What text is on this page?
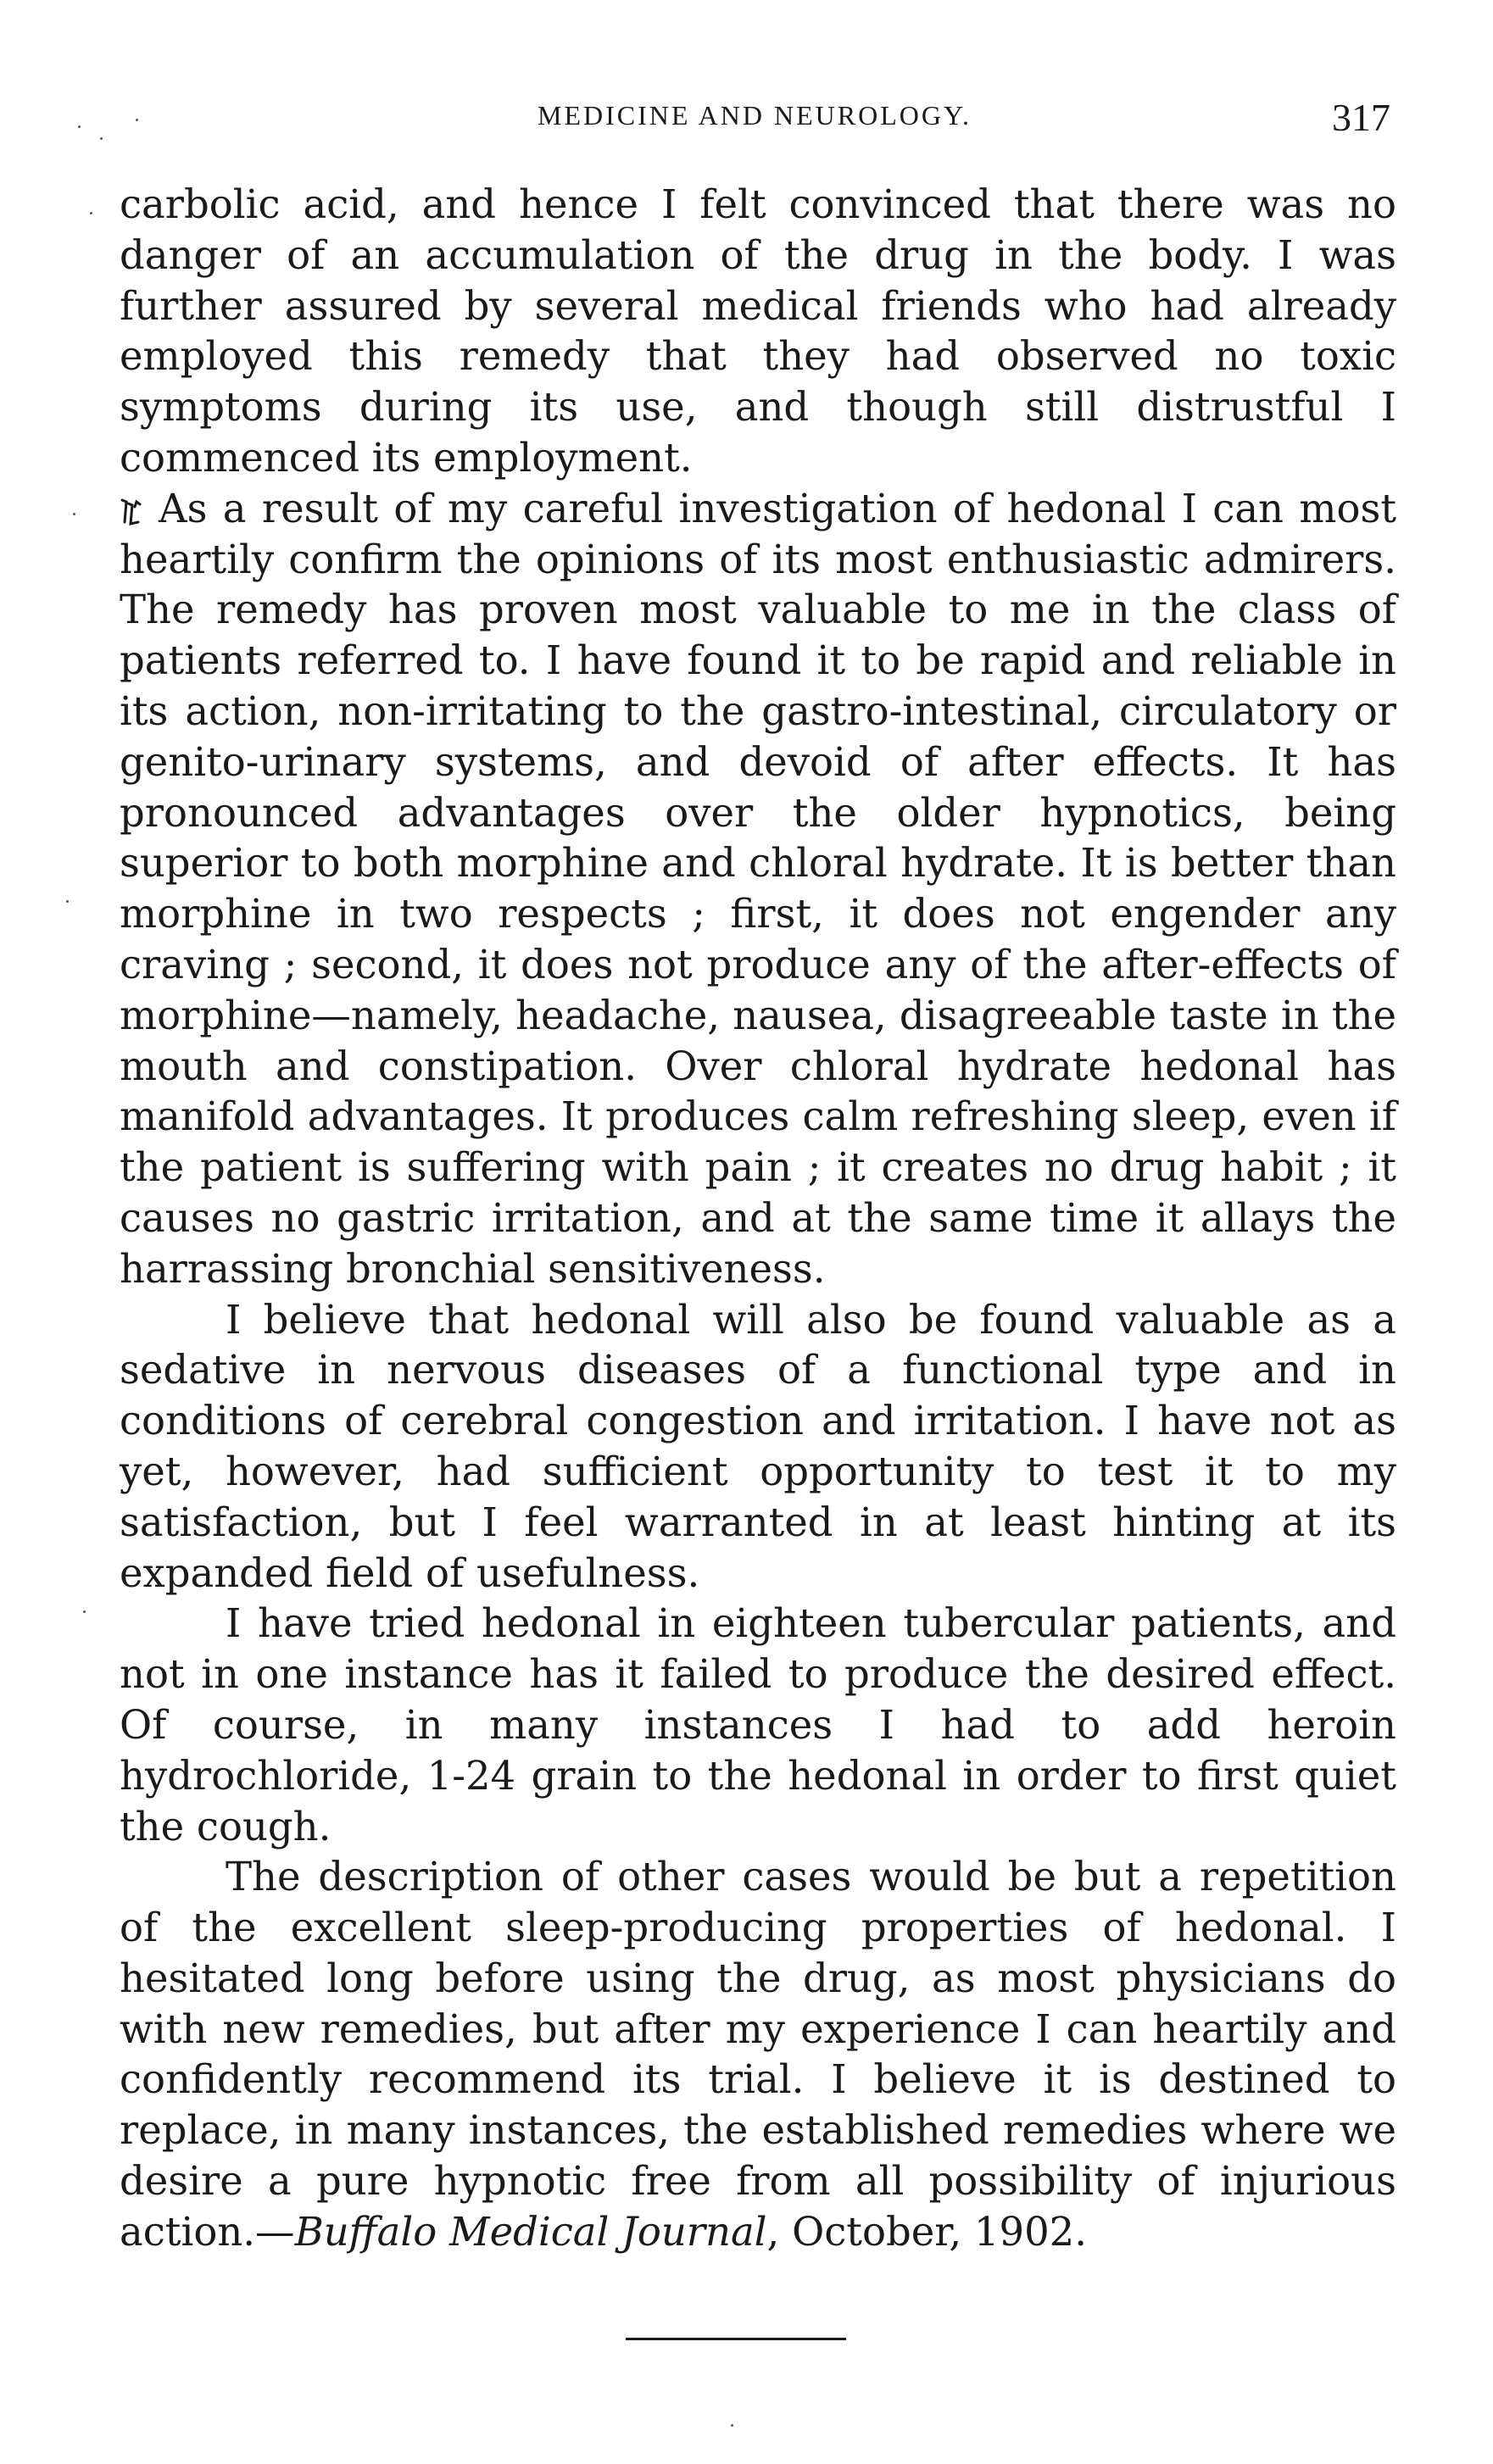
MEDICINE AND NEUROLOGY.	317

carbolic acid, and hence I felt convinced that there was no danger of an accumulation of the drug in the body. I was further assured by several medical friends who had already employed this remedy that they had observed no toxic symptoms during its use, and though still distrustful I commenced its employment.

As a result of my careful investigation of hedonal I can most heartily confirm the opinions of its most enthusiastic admirers. The remedy has proven most valuable to me in the class of patients referred to. I have found it to be rapid and reliable in its action, non-irritating to the gastro-intestinal, circulatory or genito-urinary systems, and devoid of after effects. It has pronounced advantages over the older hypnotics, being superior to both morphine and chloral hydrate. It is better than morphine in two respects ; first, it does not engender any craving ; second, it does not produce any of the after-effects of morphine—namely, headache, nausea, disagreeable taste in the mouth and constipation. Over chloral hydrate hedonal has manifold advantages. It produces calm refreshing sleep, even if the patient is suffering with pain ; it creates no drug habit ; it causes no gastric irritation, and at the same time it allays the harrassing bronchial sensitiveness.

I believe that hedonal will also be found valuable as a sedative in nervous diseases of a functional type and in conditions of cerebral congestion and irritation. I have not as yet, however, had sufficient opportunity to test it to my satisfaction, but I feel warranted in at least hinting at its expanded field of usefulness.

I have tried hedonal in eighteen tubercular patients, and not in one instance has it failed to produce the desired effect. Of course, in many instances I had to add heroin hydrochloride, 1-24 grain to the hedonal in order to first quiet the cough.

The description of other cases would be but a repetition of the excellent sleep-producing properties of hedonal. I hesitated long before using the drug, as most physicians do with new remedies, but after my experience I can heartily and confidently recommend its trial. I believe it is destined to replace, in many instances, the established remedies where we desire a pure hypnotic free from all possibility of injurious action.—Buffalo Medical Journal, October, 1902.
